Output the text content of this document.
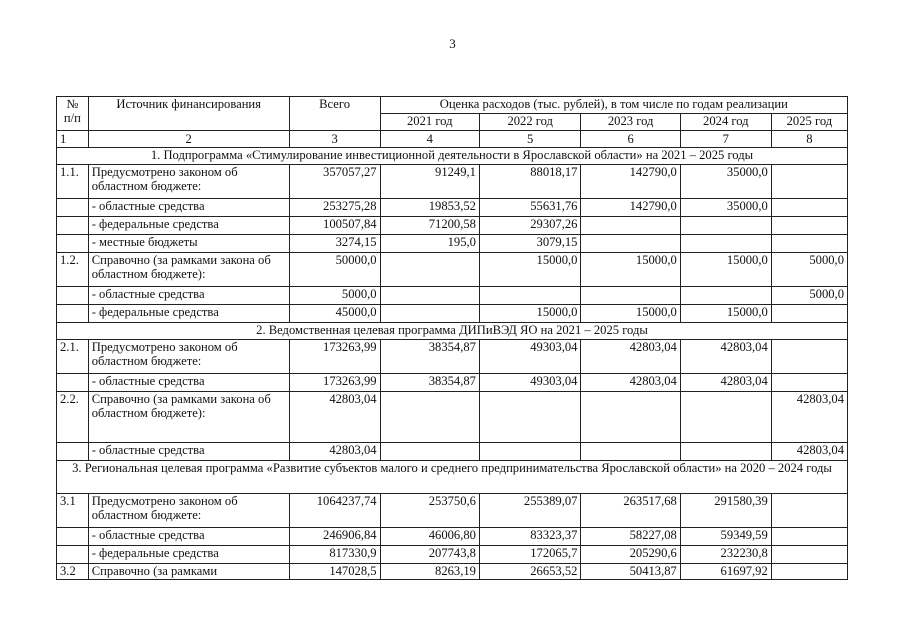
3
№ п/п	Источник финансирования	Всего	Оценка расходов (тыс. рублей), в том числе по годам реализации				
			2021 год	2022 год	2023 год	2024 год	2025 год
1	2	3	4	5	6	7	8
1. Подпрограмма «Стимулирование инвестиционной деятельности в Ярославской области» на 2021 – 2025 годы							
1.1.	Предусмотрено законом об областном бюджете:	357057,27	91249,1	88018,17	142790,0	35000,0	
	- областные средства	253275,28	19853,52	55631,76	142790,0	35000,0	
	- федеральные средства	100507,84	71200,58	29307,26			
	- местные бюджеты	3274,15	195,0	3079,15			
1.2.	Справочно (за рамками закона об областном бюджете):	50000,0		15000,0	15000,0	15000,0	5000,0
	- областные средства	5000,0					5000,0
	- федеральные средства	45000,0		15000,0	15000,0	15000,0	
2. Ведомственная целевая программа ДИПиВЭД ЯО на 2021 – 2025 годы							
2.1.	Предусмотрено законом об областном бюджете:	173263,99	38354,87	49303,04	42803,04	42803,04	
	- областные средства	173263,99	38354,87	49303,04	42803,04	42803,04	
2.2.	Справочно (за рамками закона об областном бюджете):	42803,04					42803,04
	- областные средства	42803,04					42803,04
3. Региональная целевая программа «Развитие субъектов малого и среднего предпринимательства Ярославской области» на 2020 – 2024 годы							
3.1	Предусмотрено законом об областном бюджете:	1064237,74	253750,6	255389,07	263517,68	291580,39	
	- областные средства	246906,84	46006,80	83323,37	58227,08	59349,59	
	- федеральные средства	817330,9	207743,8	172065,7	205290,6	232230,8	
3.2	Справочно (за рамками	147028,5	8263,19	26653,52	50413,87	61697,92	
